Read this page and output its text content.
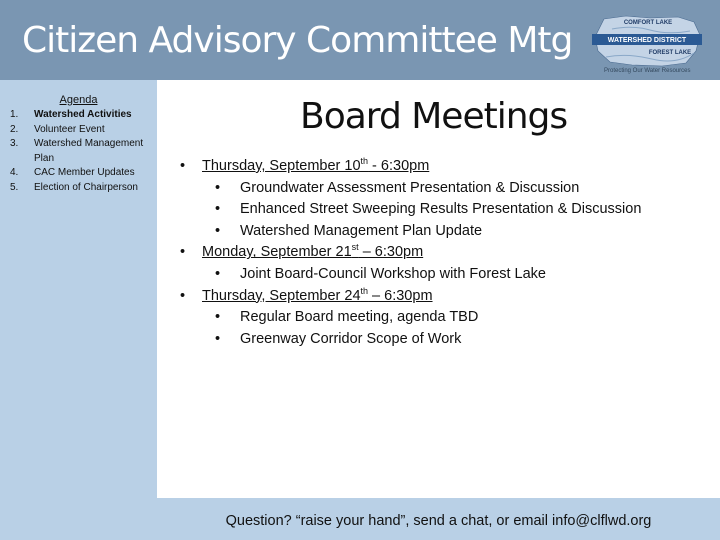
Citizen Advisory Committee Mtg	COMFORT LAKE
WATERSHED DISTRICT
FOREST LAKE
Protecting Our Water Resources
Agenda
1.	Watershed Activities
2.	Volunteer Event
3.	Watershed Management Plan
4.	CAC Member Updates
5.	Election of Chairperson
Board Meetings
• Thursday, September 10th - 6:30pm
• Groundwater Assessment Presentation & Discussion
• Enhanced Street Sweeping Results Presentation & Discussion
• Watershed Management Plan Update
• Monday, September 21st – 6:30pm
• Joint Board-Council Workshop with Forest Lake
• Thursday, September 24th – 6:30pm
• Regular Board meeting, agenda TBD
• Greenway Corridor Scope of Work
Question? “raise your hand”, send a chat, or email info@clflwd.org
